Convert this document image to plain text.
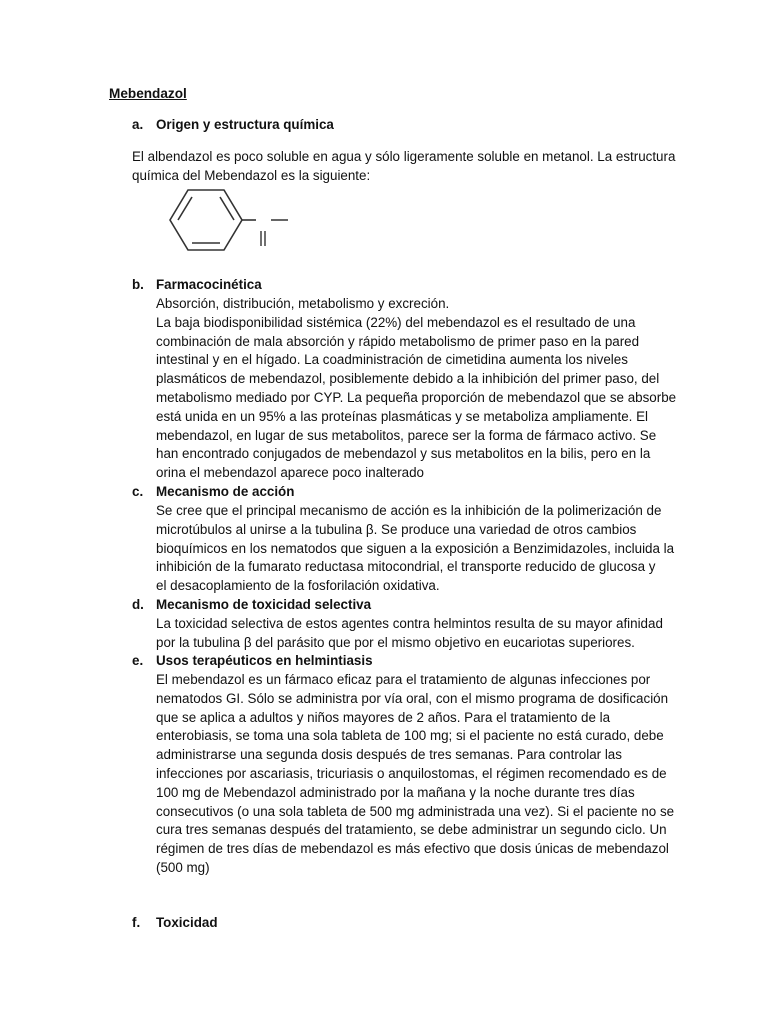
Mebendazol
a. Origen y estructura química
El albendazol es poco soluble en agua y sólo ligeramente soluble en metanol. La estructura
química del Mebendazol es la siguiente:
b. Farmacocinética
Absorción, distribución, metabolismo y excreción.
La baja biodisponibilidad sistémica (22%) del mebendazol es el resultado de una
combinación de mala absorción y rápido metabolismo de primer paso en la pared
intestinal y en el hígado. La coadministración de cimetidina aumenta los niveles
plasmáticos de mebendazol, posiblemente debido a la inhibición del primer paso, del
metabolismo mediado por CYP. La pequeña proporción de mebendazol que se absorbe
está unida en un 95% a las proteínas plasmáticas y se metaboliza ampliamente. El
mebendazol, en lugar de sus metabolitos, parece ser la forma de fármaco activo. Se
han encontrado conjugados de mebendazol y sus metabolitos en la bilis, pero en la
orina el mebendazol aparece poco inalterado
c. Mecanismo de acción
Se cree que el principal mecanismo de acción es la inhibición de la polimerización de
microtúbulos al unirse a la tubulina β. Se produce una variedad de otros cambios
bioquímicos en los nematodos que siguen a la exposición a Benzimidazoles, incluida la
inhibición de la fumarato reductasa mitocondrial, el transporte reducido de glucosa y
el desacoplamiento de la fosforilación oxidativa.
d. Mecanismo de toxicidad selectiva
La toxicidad selectiva de estos agentes contra helmintos resulta de su mayor afinidad
por la tubulina β del parásito que por el mismo objetivo en eucariotas superiores.
e. Usos terapéuticos en helmintiasis
El mebendazol es un fármaco eficaz para el tratamiento de algunas infecciones por
nematodos GI. Sólo se administra por vía oral, con el mismo programa de dosificación
que se aplica a adultos y niños mayores de 2 años. Para el tratamiento de la
enterobiasis, se toma una sola tableta de 100 mg; si el paciente no está curado, debe
administrarse una segunda dosis después de tres semanas. Para controlar las
infecciones por ascariasis, tricuriasis o anquilostomas, el régimen recomendado es de
100 mg de Mebendazol administrado por la mañana y la noche durante tres días
consecutivos (o una sola tableta de 500 mg administrada una vez). Si el paciente no se
cura tres semanas después del tratamiento, se debe administrar un segundo ciclo. Un
régimen de tres días de mebendazol es más efectivo que dosis únicas de mebendazol
(500 mg)
f. Toxicidad
